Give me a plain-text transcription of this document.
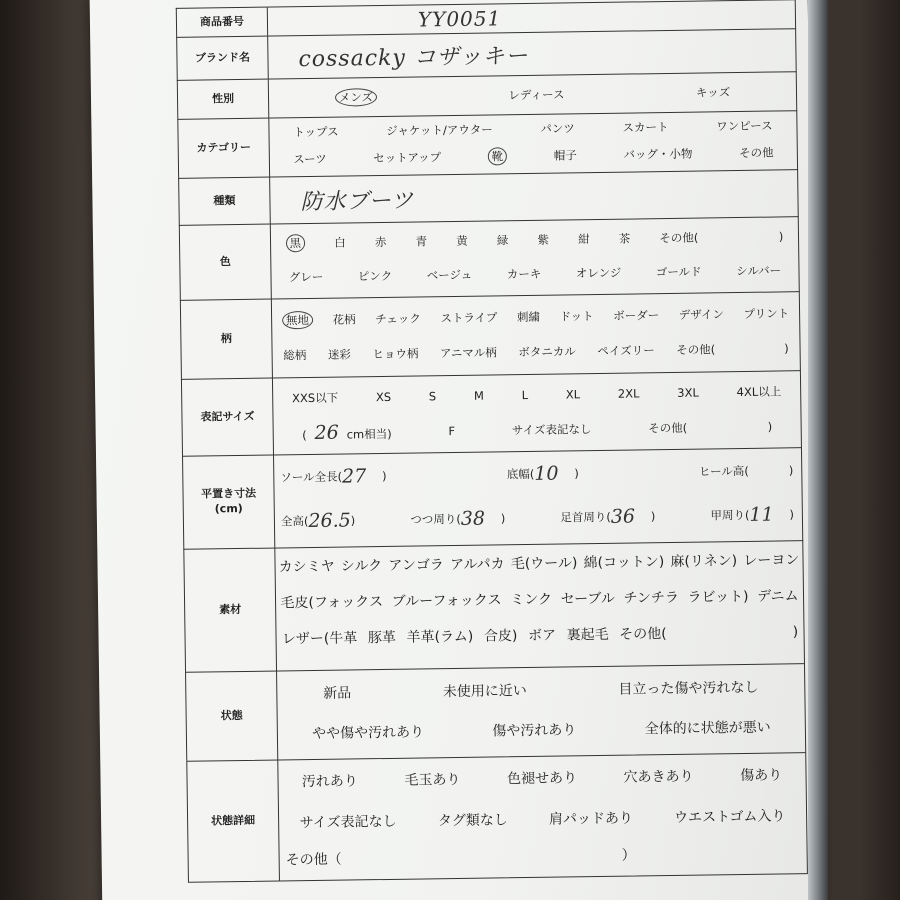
商品番号	YY0051
ブランド名	cossacky コザッキー
性別	メンズ	レディース	キッズ
カテゴリー
トップス	ジャケット/アウター	パンツ	スカート	ワンピース
スーツ	セットアップ	靴	帽子	バッグ・小物	その他
種類	防水ブーツ
色
黒	白	赤	青	黄	緑	紫	紺	茶	その他(　　　　　　　)
グレー	ピンク	ベージュ	カーキ	オレンジ	ゴールド	シルバー
柄
無地	花柄 チェック ストライプ 刺繍 ドット ボーダー デザイン プリント
総柄 迷彩 ヒョウ柄 アニマル柄 ボタニカル ペイズリー その他(　　　　　　)
表記サイズ
XXS以下	XS	S	M	L	XL	2XL	3XL	4XL以上
( 26 cm相当)	F	サイズ表記なし	その他(　　　　　　　)
平置き寸法
(cm)
ソール全長( 27	)	底幅( 10	)	ヒール高(	)
全高( 26.5 )	つつ周り( 38	)	足首周り( 36	)	甲周り( 11	)
素材
カシミヤ シルク アンゴラ アルパカ 毛(ウール) 綿(コットン) 麻(リネン) レーヨン
毛皮(フォックス ブルーフォックス ミンク セーブル チンチラ ラビット) デニム
レザー(牛革 豚革 羊革(ラム) 合皮) ボア 裏起毛 その他(　　　　　　　　　)
状態
新品	未使用に近い	目立った傷や汚れなし
やや傷や汚れあり	傷や汚れあり	全体的に状態が悪い
状態詳細
汚れあり	毛玉あり	色褪せあり	穴あきあり	傷あり
サイズ表記なし	タグ類なし	肩パッドあり	ウエストゴム入り
その他（　　　　　　　　　　　　　　　　　　　　）
